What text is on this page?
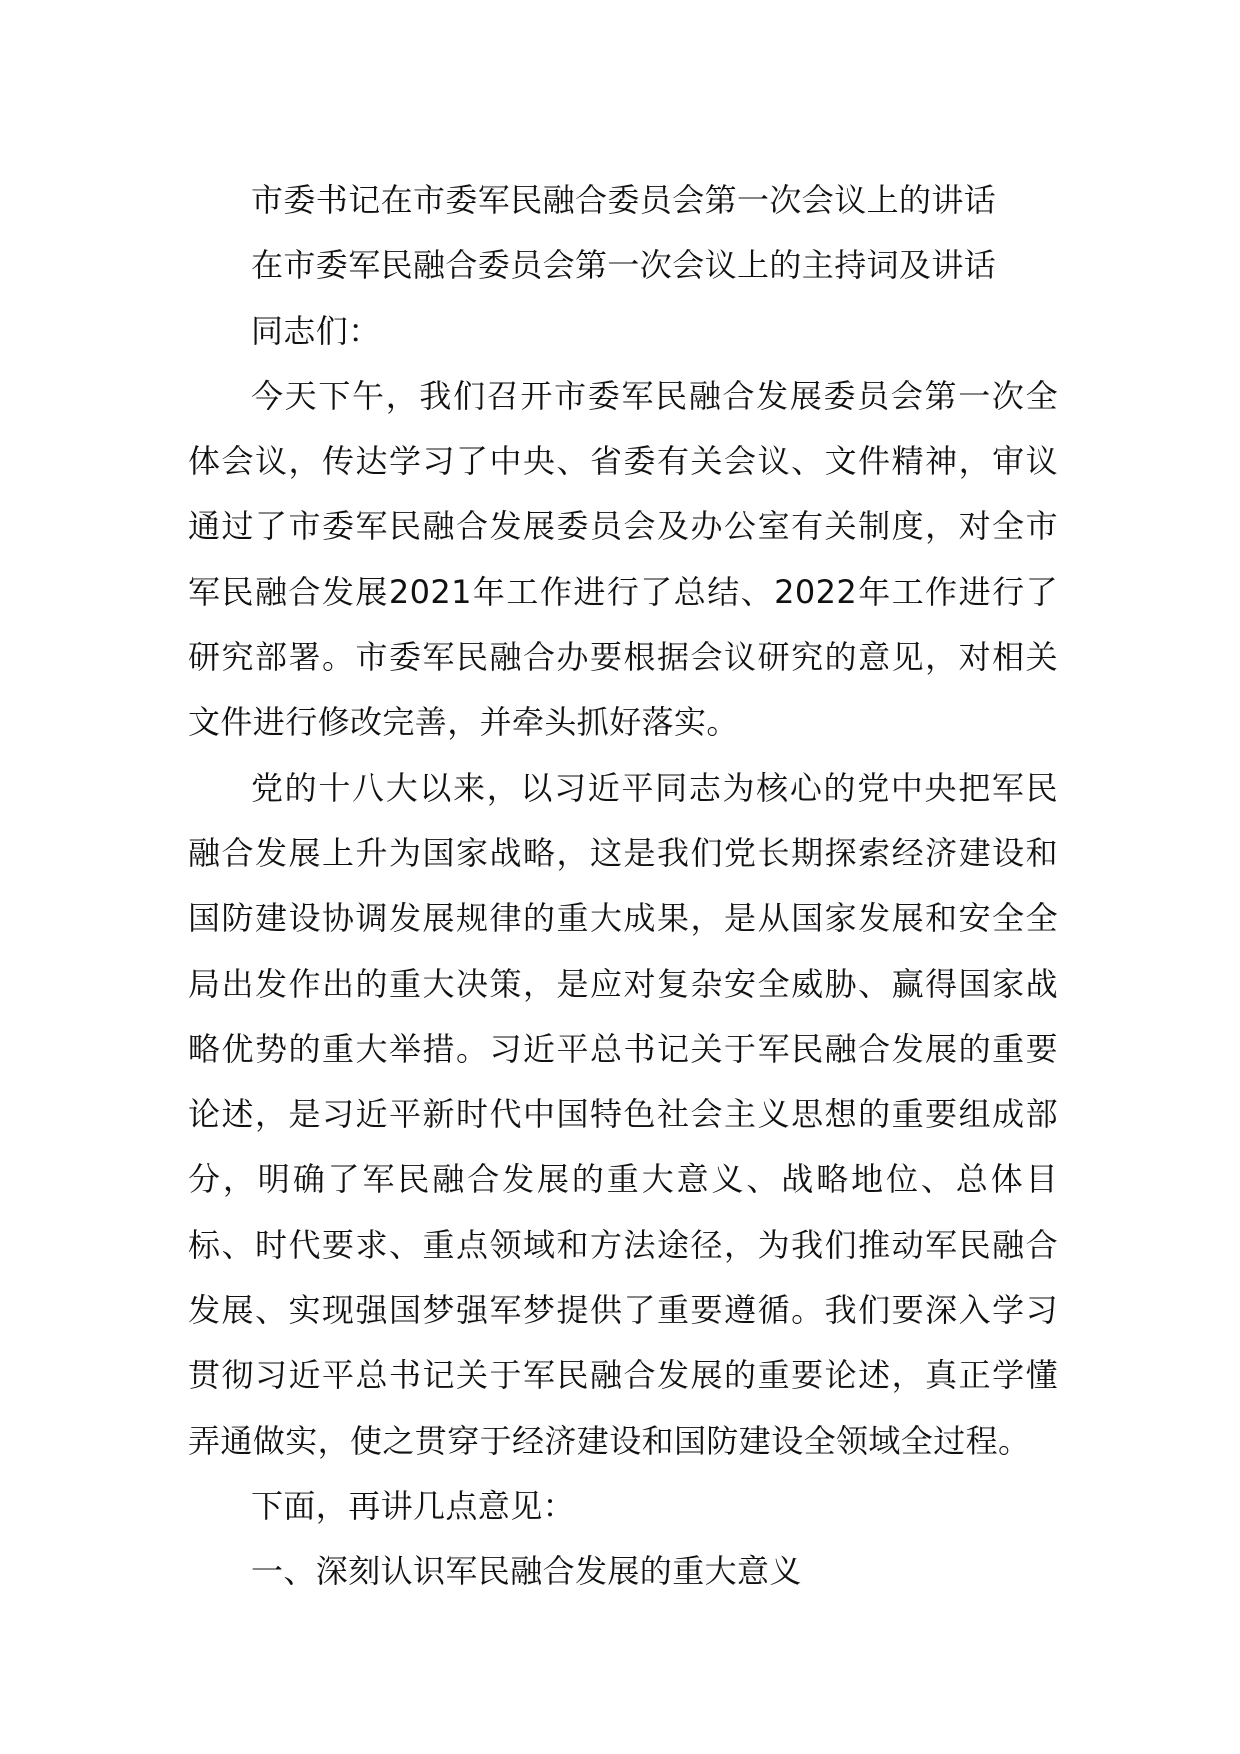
市委书记在市委军民融合委员会第一次会议上的讲话

在市委军民融合委员会第一次会议上的主持词及讲话

同志们：

今天下午，我们召开市委军民融合发展委员会第一次全体会议，传达学习了中央、省委有关会议、文件精神，审议通过了市委军民融合发展委员会及办公室有关制度，对全市军民融合发展2021年工作进行了总结、2022年工作进行了研究部署。市委军民融合办要根据会议研究的意见，对相关文件进行修改完善，并牵头抓好落实。

党的十八大以来，以习近平同志为核心的党中央把军民融合发展上升为国家战略，这是我们党长期探索经济建设和国防建设协调发展规律的重大成果，是从国家发展和安全全局出发作出的重大决策，是应对复杂安全威胁、赢得国家战略优势的重大举措。习近平总书记关于军民融合发展的重要论述，是习近平新时代中国特色社会主义思想的重要组成部分，明确了军民融合发展的重大意义、战略地位、总体目标、时代要求、重点领域和方法途径，为我们推动军民融合发展、实现强国梦强军梦提供了重要遵循。我们要深入学习贯彻习近平总书记关于军民融合发展的重要论述，真正学懂弄通做实，使之贯穿于经济建设和国防建设全领域全过程。

下面，再讲几点意见：

一、深刻认识军民融合发展的重大意义
